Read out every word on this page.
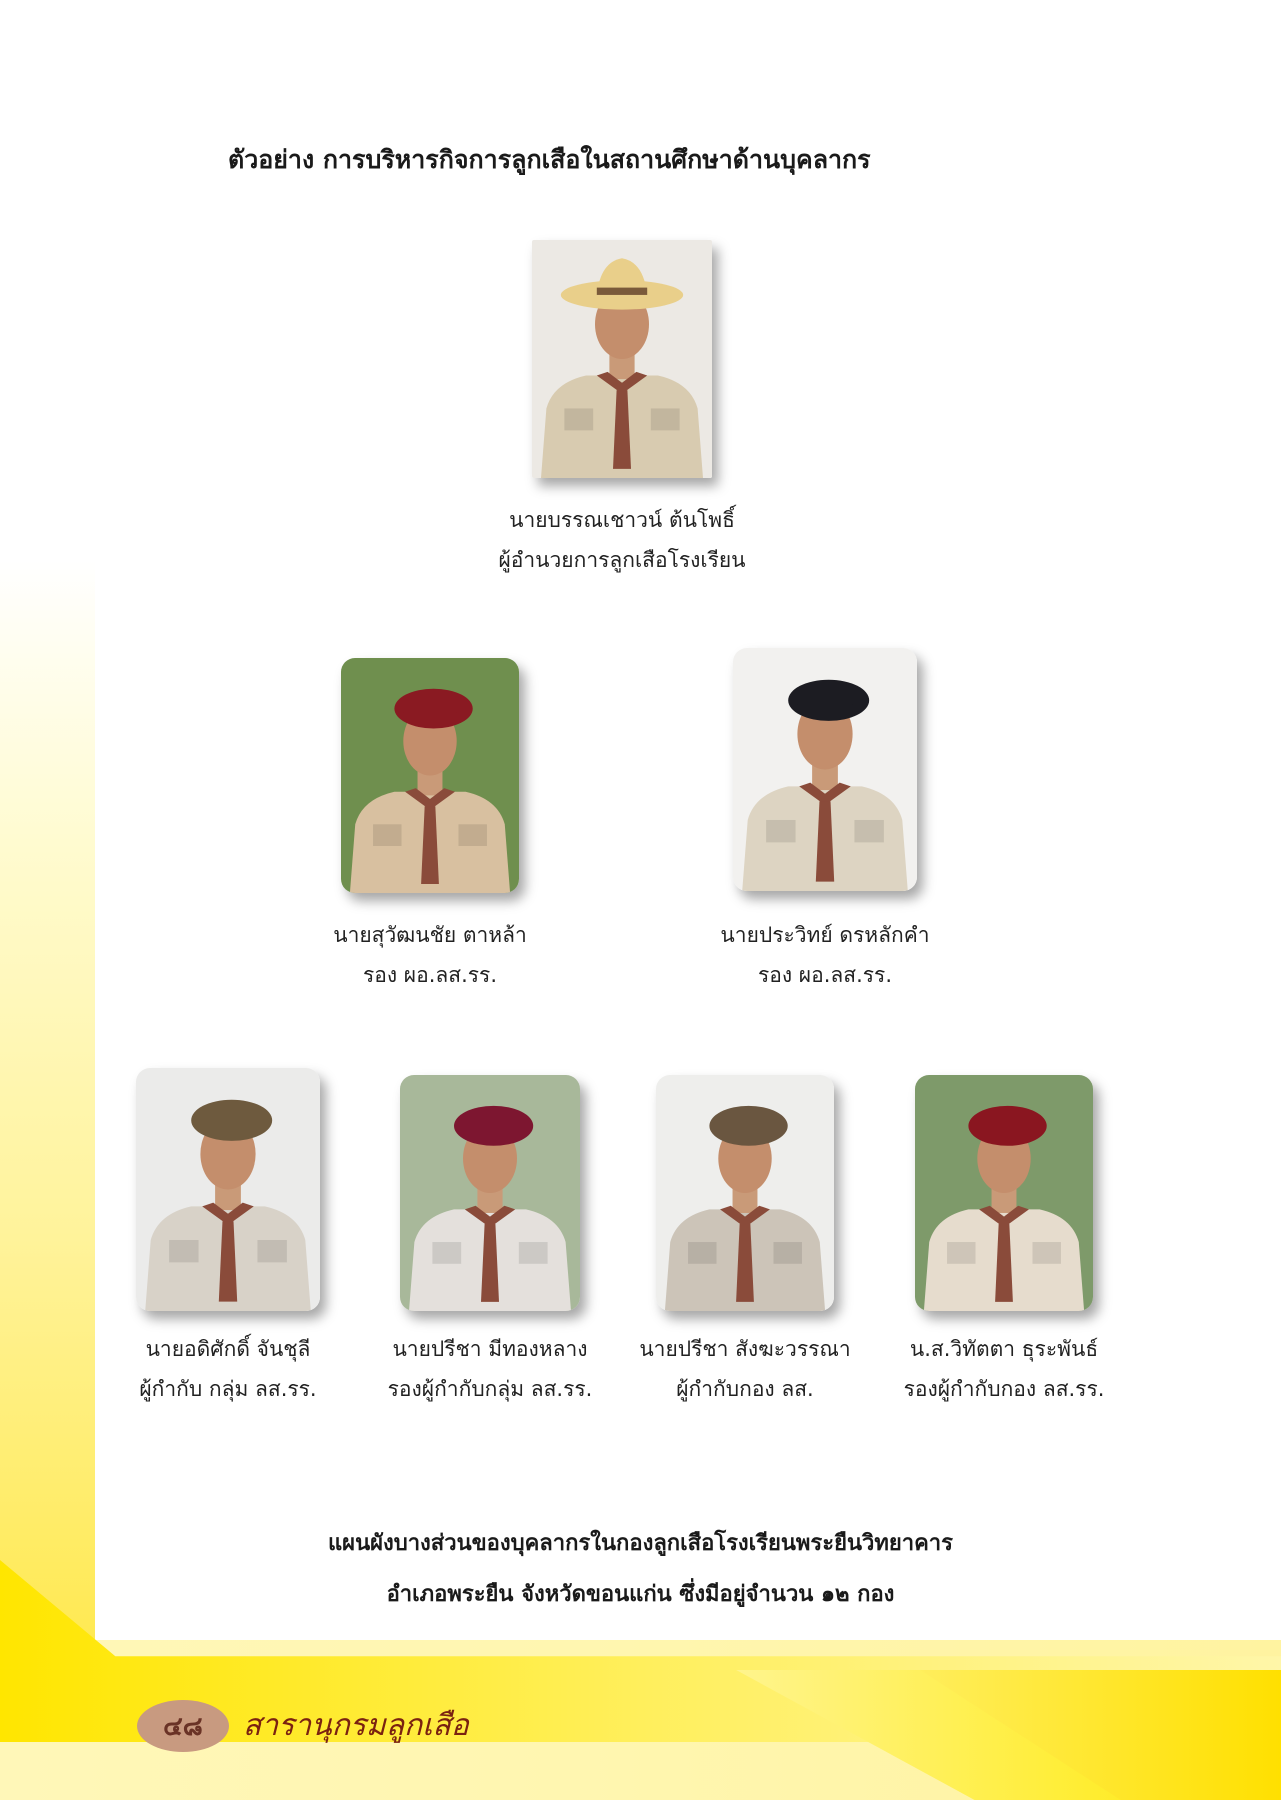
ตัวอย่าง การบริหารกิจการลูกเสือในสถานศึกษาด้านบุคลากร
นายบรรณเชาวน์ ต้นโพธิ์
ผู้อำนวยการลูกเสือโรงเรียน
นายสุวัฒนชัย ตาหล้า
รอง ผอ.ลส.รร.
นายประวิทย์ ดรหลักคำ
รอง ผอ.ลส.รร.
นายอดิศักดิ์ จันชุลี
ผู้กำกับ กลุ่ม ลส.รร.
นายปรีชา มีทองหลาง
รองผู้กำกับกลุ่ม ลส.รร.
นายปรีชา สังฆะวรรณา
ผู้กำกับกอง ลส.
น.ส.วิทัตตา ธุระพันธ์
รองผู้กำกับกอง ลส.รร.
แผนผังบางส่วนของบุคลากรในกองลูกเสือโรงเรียนพระยืนวิทยาคาร
อำเภอพระยืน จังหวัดขอนแก่น ซึ่งมีอยู่จำนวน ๑๒ กอง
๔๘ สารานุกรมลูกเสือ
